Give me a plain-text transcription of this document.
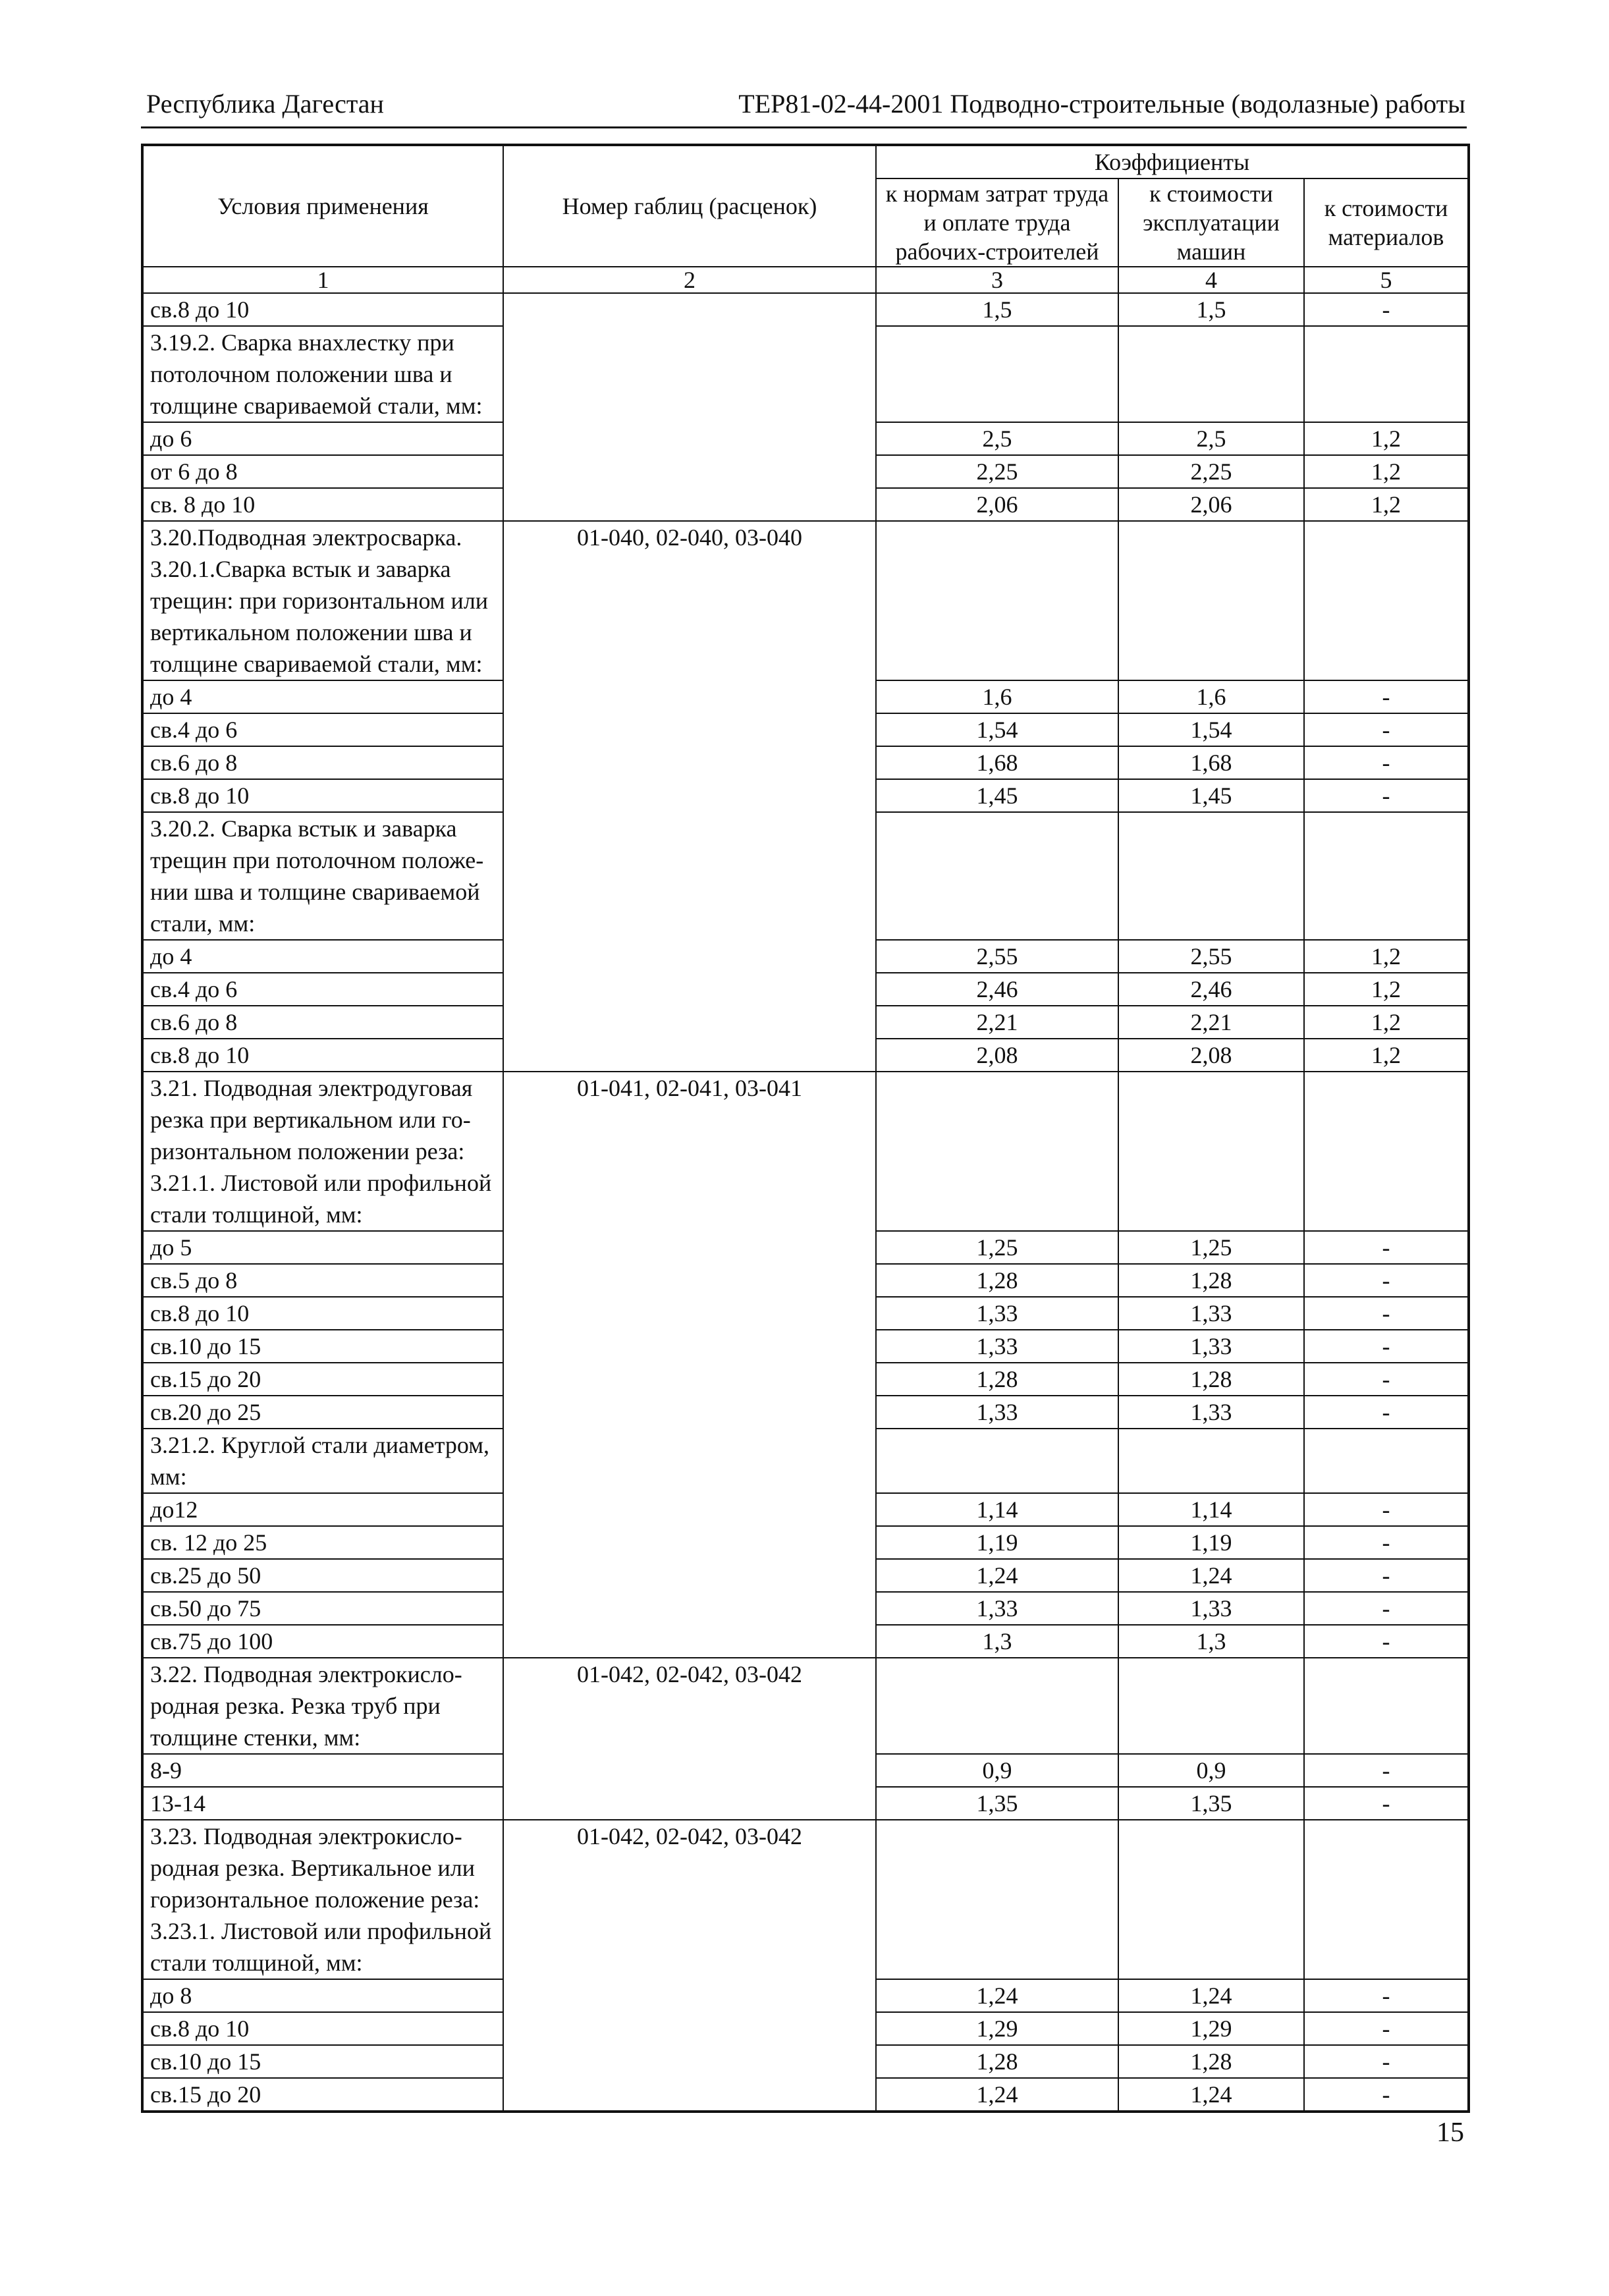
Республика Дагестан	ТЕР81-02-44-2001 Подводно-строительные (водолазные) работы
Условия применения	Номер габлиц (расценок)	Коэффициенты		
		к нормам затрат труда и оплате труда рабочих-строителей	к стоимости эксплуатации машин	к стоимости материалов
1	2	3	4	5
св.8 до 10		1,5	1,5	-
3.19.2. Сварка внахлестку при потолочном положении шва и толщине свариваемой стали, мм:				
до 6		2,5	2,5	1,2
от 6 до 8		2,25	2,25	1,2
св. 8 до 10		2,06	2,06	1,2
3.20.Подводная электросварка. 3.20.1.Сварка встык и заварка трещин: при горизонтальном или вертикальном положении шва и толщине свариваемой стали, мм:	01-040, 02-040, 03-040			
до 4		1,6	1,6	-
св.4 до 6		1,54	1,54	-
св.6 до 8		1,68	1,68	-
св.8 до 10		1,45	1,45	-
3.20.2. Сварка встык и заварка трещин при потолочном положе-нии шва и толщине свариваемой стали, мм:				
до 4		2,55	2,55	1,2
св.4 до 6		2,46	2,46	1,2
св.6 до 8		2,21	2,21	1,2
св.8 до 10		2,08	2,08	1,2
3.21. Подводная электродуговая резка при вертикальном или го-ризонтальном положении реза: 3.21.1. Листовой или профильной стали толщиной, мм:	01-041, 02-041, 03-041			
до 5		1,25	1,25	-
св.5 до 8		1,28	1,28	-
св.8 до 10		1,33	1,33	-
св.10 до 15		1,33	1,33	-
св.15 до 20		1,28	1,28	-
св.20 до 25		1,33	1,33	-
3.21.2. Круглой стали диаметром, мм:				
до12		1,14	1,14	-
св. 12 до 25		1,19	1,19	-
св.25 до 50		1,24	1,24	-
св.50 до 75		1,33	1,33	-
св.75 до 100		1,3	1,3	-
3.22. Подводная электрокисло-родная резка. Резка труб при толщине стенки, мм:	01-042, 02-042, 03-042			
8-9		0,9	0,9	-
13-14		1,35	1,35	-
3.23. Подводная электрокисло-родная резка. Вертикальное или горизонтальное положение реза: 3.23.1. Листовой или профильной стали толщиной, мм:	01-042, 02-042, 03-042			
до 8		1,24	1,24	-
св.8 до 10		1,29	1,29	-
св.10 до 15		1,28	1,28	-
св.15 до 20		1,24	1,24	-
15
